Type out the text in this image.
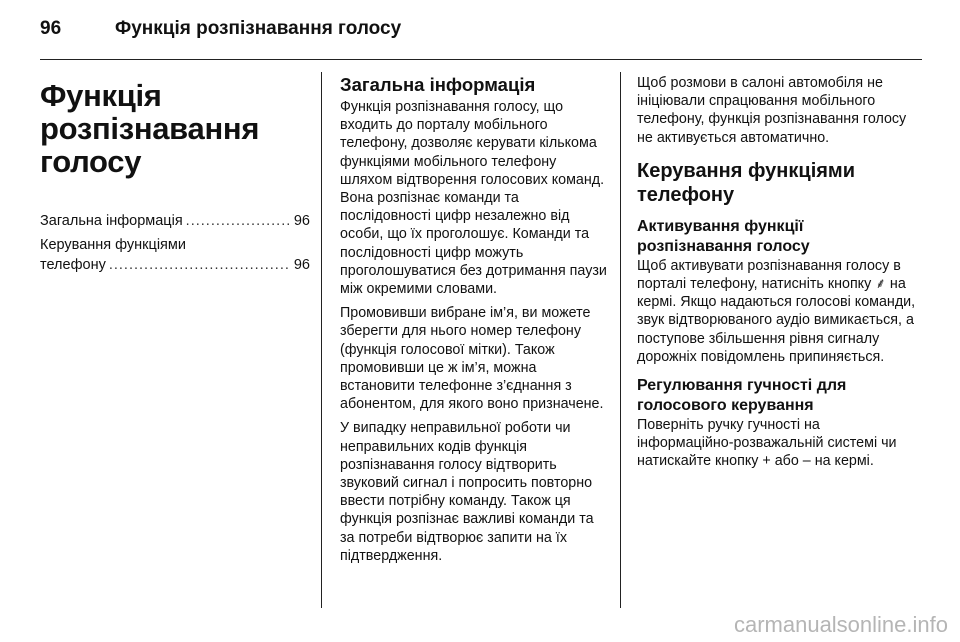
96	Функція розпізнавання голосу
Функція
розпізнавання
голосу
Загальна інформація .....	96
Керування функціями
телефону .....	96
Загальна інформація

Функція розпізнавання голосу, що входить до порталу мобільного телефону, дозволяє керувати кількома функціями мобільного телефону шляхом відтворення голосових команд. Вона розпізнає команди та послідовності цифр незалежно від особи, що їх проголошує. Команди та послідовності цифр можуть проголошуватися без дотримання паузи між окремими словами.

Промовивши вибране ім’я, ви можете зберегти для нього номер телефону (функція голосової мітки). Також промовивши це ж ім’я, можна встановити телефонне з’єднання з абонентом, для якого воно призначене.

У випадку неправильної роботи чи неправильних кодів функція розпізнавання голосу відтворить звуковий сигнал і попросить повторно ввести потрібну команду. Також ця функція розпізнає важливі команди та за потреби відтворює запити на їх підтвердження.

Щоб розмови в салоні автомобіля не ініціювали спрацювання мобільного телефону, функція розпізнавання голосу не активується автоматично.

Керування функціями
телефону
Активування функції
розпізнавання голосу

Щоб активувати розпізнавання голосу в порталі телефону, натисніть кнопку ⸙ на кермі. Якщо надаються голосові команди, звук відтворюваного аудіо вимикається, а поступове збільшення рівня сигналу дорожніх повідомлень припиняється.

Регулювання гучності для
голосового керування

Поверніть ручку гучності на інформаційно-розважальній системі чи натискайте кнопку + або – на кермі.

carmanualsonline.info
